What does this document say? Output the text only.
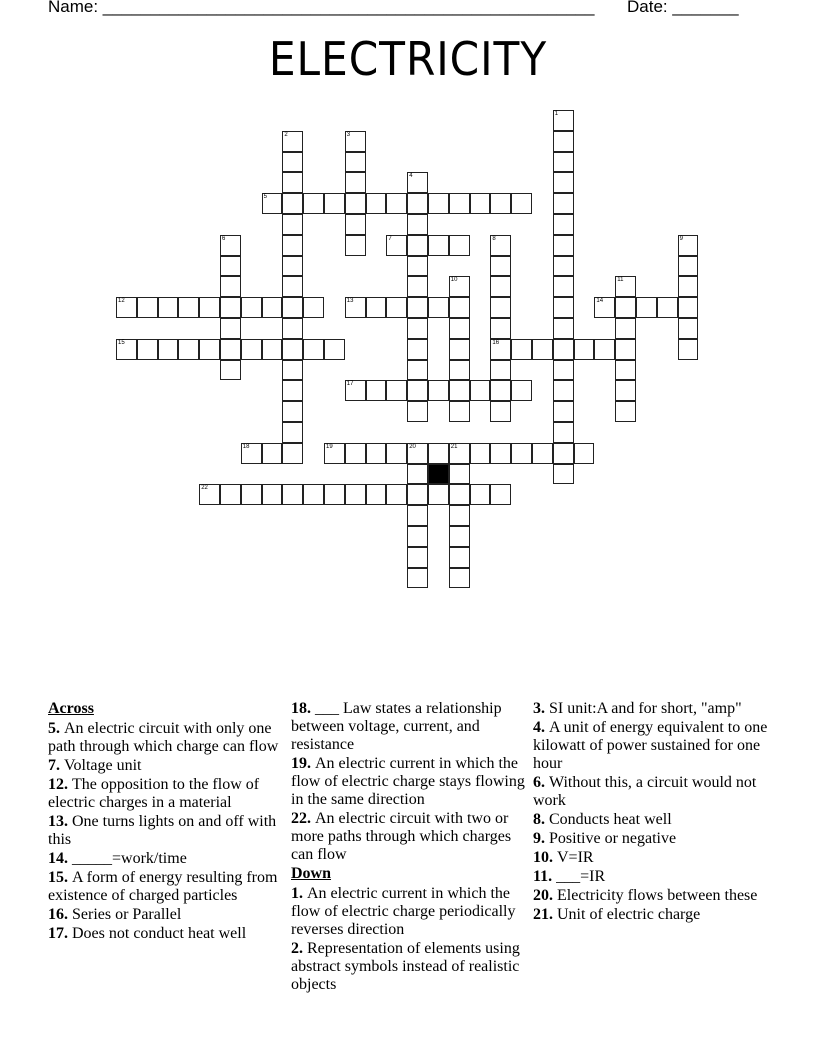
Name: ____________________________________________________ Date: _______
ELECTRICITY
1
2	3
4
5
6	7	8
16
9
10	11
12	13	14
15
17
18	19	20	21
22
Across
5. An electric circuit with only one path through which charge can flow
7. Voltage unit
12. The opposition to the flow of electric charges in a material
13. One turns lights on and off with this
14. _____=work/time
15. A form of energy resulting from existence of charged particles
16. Series or Parallel
17. Does not conduct heat well
18. ___ Law states a relationship between voltage, current, and resistance
19. An electric current in which the flow of electric charge stays flowing in the same direction
22. An electric circuit with two or more paths through which charges can flow
Down
1. An electric current in which the flow of electric charge periodically reverses direction
2. Representation of elements using abstract symbols instead of realistic objects
3. SI unit:A and for short, "amp"
4. A unit of energy equivalent to one kilowatt of power sustained for one hour
6. Without this, a circuit would not work
8. Conducts heat well
9. Positive or negative
10. V=IR
11. ___=IR
20. Electricity flows between these
21. Unit of electric charge
